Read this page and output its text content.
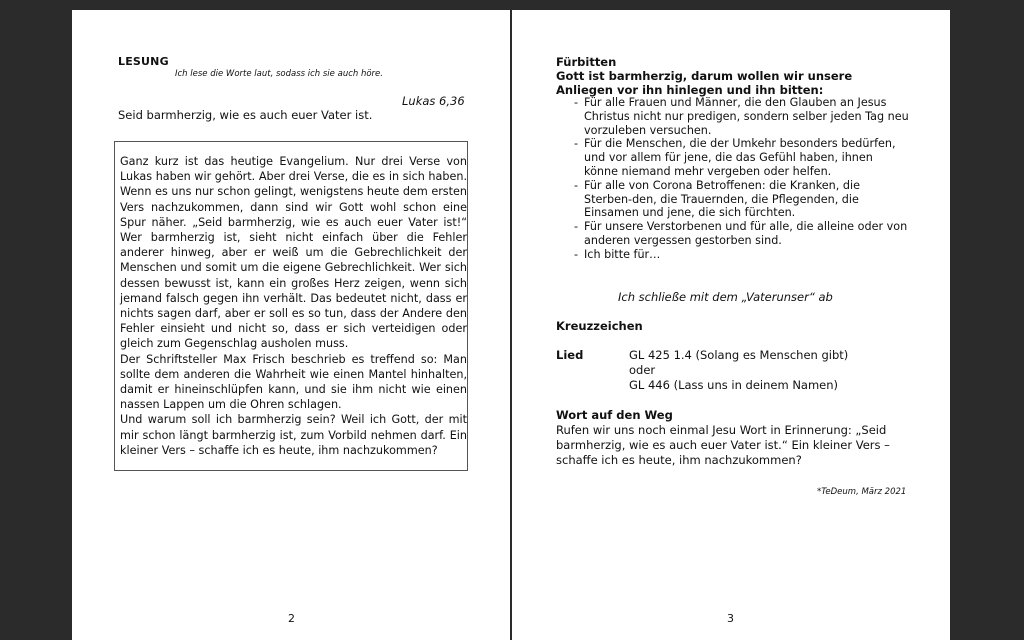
LESUNG
Ich lese die Worte laut, sodass ich sie auch höre.
Lukas 6,36
Seid barmherzig, wie es auch euer Vater ist.

Ganz kurz ist das heutige Evangelium. Nur drei Verse von Lukas haben wir gehört. Aber drei Verse, die es in sich haben. Wenn es uns nur schon gelingt, wenigstens heute dem ersten Vers nachzukommen, dann sind wir Gott wohl schon eine Spur näher. „Seid barmherzig, wie es auch euer Vater ist!“ Wer barmherzig ist, sieht nicht einfach über die Fehler anderer hinweg, aber er weiß um die Gebrechlichkeit der Menschen und somit um die eigene Gebrechlichkeit. Wer sich dessen bewusst ist, kann ein großes Herz zeigen, wenn sich jemand falsch gegen ihn verhält. Das bedeutet nicht, dass er nichts sagen darf, aber er soll es so tun, dass der Andere den Fehler einsieht und nicht so, dass er sich verteidigen oder gleich zum Gegenschlag ausholen muss.

Der Schriftsteller Max Frisch beschrieb es treffend so: Man sollte dem anderen die Wahrheit wie einen Mantel hinhalten, damit er hineinschlüpfen kann, und sie ihm nicht wie einen nassen Lappen um die Ohren schlagen.

Und warum soll ich barmherzig sein? Weil ich Gott, der mit mir schon längt barmherzig ist, zum Vorbild nehmen darf. Ein kleiner Vers – schaffe ich es heute, ihm nachzukommen?

2
Fürbitten
Gott ist barmherzig, darum wollen wir unsere
Anliegen vor ihn hinlegen und ihn bitten:
- Für alle Frauen und Männer, die den Glauben an Jesus Christus nicht nur predigen, sondern selber jeden Tag neu vorzuleben versuchen.
- Für die Menschen, die der Umkehr besonders bedürfen, und vor allem für jene, die das Gefühl haben, ihnen könne niemand mehr vergeben oder helfen.
- Für alle von Corona Betroffenen: die Kranken, die Sterben-den, die Trauernden, die Pflegenden, die Einsamen und jene, die sich fürchten.
- Für unsere Verstorbenen und für alle, die alleine oder von anderen vergessen gestorben sind.
- Ich bitte für…
Ich schließe mit dem „Vaterunser“ ab
Kreuzzeichen
Lied	GL 425 1.4 (Solang es Menschen gibt)
oder
GL 446 (Lass uns in deinem Namen)
Wort auf den Weg
Rufen wir uns noch einmal Jesu Wort in Erinnerung: „Seid barmherzig, wie es auch euer Vater ist.“ Ein kleiner Vers – schaffe ich es heute, ihm nachzukommen?
*TeDeum, März 2021
3
